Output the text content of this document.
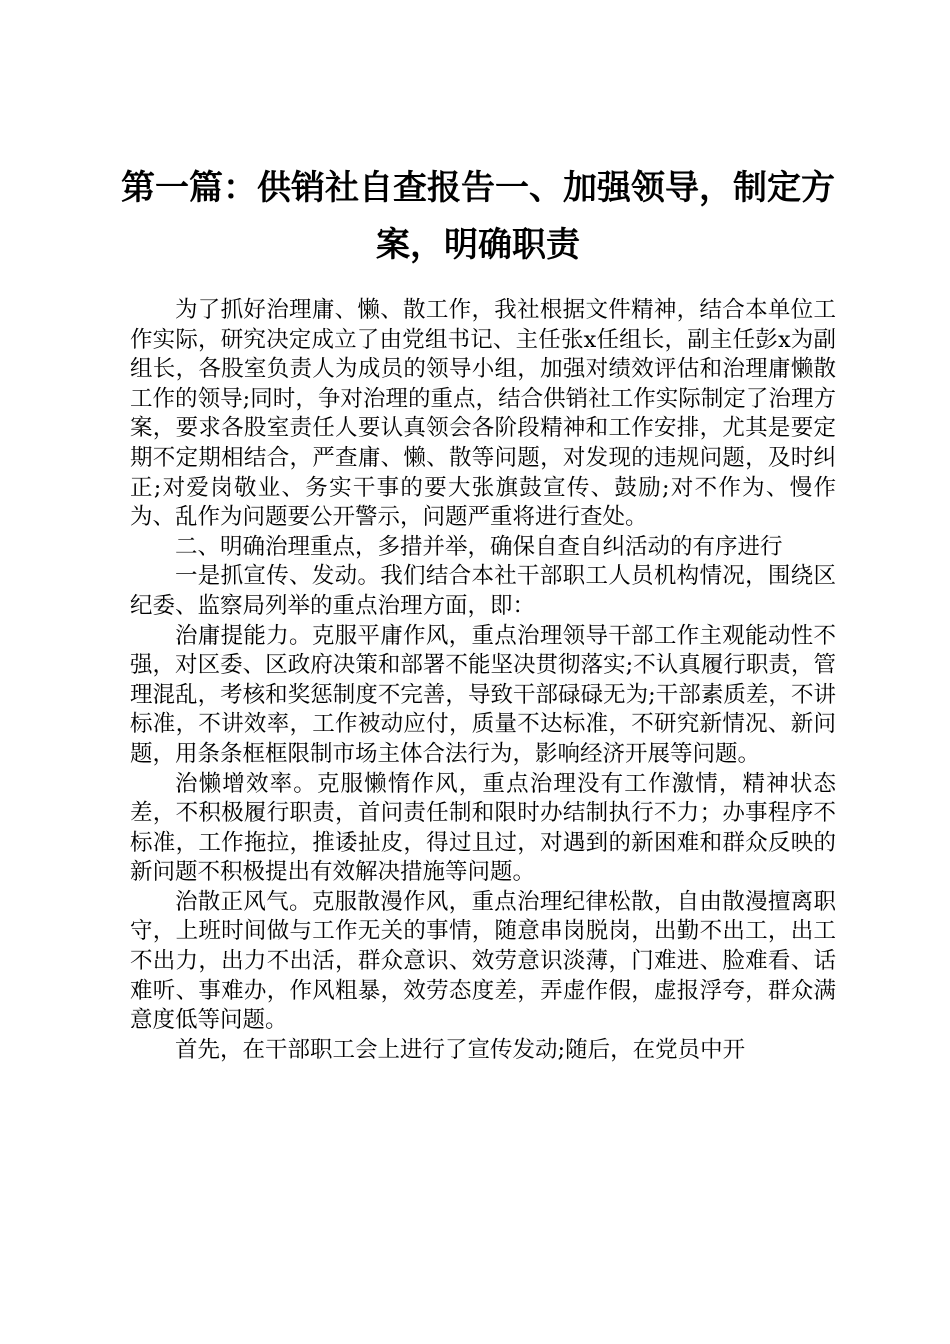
第一篇：供销社自查报告一、加强领导，制定方案，明确职责

为了抓好治理庸、懒、散工作，我社根据文件精神，结合本单位工作实际，研究决定成立了由党组书记、主任张x任组长，副主任彭x为副组长，各股室负责人为成员的领导小组，加强对绩效评估和治理庸懒散工作的领导;同时，争对治理的重点，结合供销社工作实际制定了治理方案，要求各股室责任人要认真领会各阶段精神和工作安排，尤其是要定期不定期相结合，严查庸、懒、散等问题，对发现的违规问题，及时纠正;对爱岗敬业、务实干事的要大张旗鼓宣传、鼓励;对不作为、慢作为、乱作为问题要公开警示，问题严重将进行查处。

二、明确治理重点，多措并举，确保自查自纠活动的有序进行

一是抓宣传、发动。我们结合本社干部职工人员机构情况，围绕区纪委、监察局列举的重点治理方面，即：

治庸提能力。克服平庸作风，重点治理领导干部工作主观能动性不强，对区委、区政府决策和部署不能坚决贯彻落实;不认真履行职责，管理混乱，考核和奖惩制度不完善，导致干部碌碌无为;干部素质差，不讲标准，不讲效率，工作被动应付，质量不达标准，不研究新情况、新问题，用条条框框限制市场主体合法行为，影响经济开展等问题。

治懒增效率。克服懒惰作风，重点治理没有工作激情，精神状态差，不积极履行职责，首问责任制和限时办结制执行不力；办事程序不标准，工作拖拉，推诿扯皮，得过且过，对遇到的新困难和群众反映的新问题不积极提出有效解决措施等问题。

治散正风气。克服散漫作风，重点治理纪律松散，自由散漫擅离职守，上班时间做与工作无关的事情，随意串岗脱岗，出勤不出工，出工不出力，出力不出活，群众意识、效劳意识淡薄，门难进、脸难看、话难听、事难办，作风粗暴，效劳态度差，弄虚作假，虚报浮夸，群众满意度低等问题。

首先，在干部职工会上进行了宣传发动;随后，在党员中开
